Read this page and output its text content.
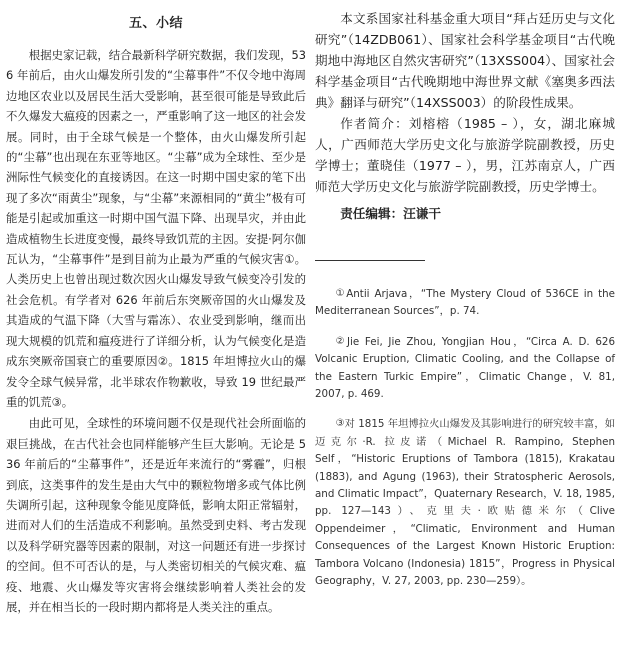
五、小结

根据史家记载，结合最新科学研究数据，我们发现，536 年前后，由火山爆发所引发的“尘幕事件”不仅令地中海周边地区农业以及居民生活大受影响，甚至很可能是导致此后不久爆发大瘟疫的因素之一，严重影响了这一地区的社会发展。同时，由于全球气候是一个整体，由火山爆发所引起的“尘幕”也出现在东亚等地区。“尘幕”成为全球性、至少是洲际性气候变化的直接诱因。在这一时期中国史家的笔下出现了多次“雨黄尘”现象，与“尘幕”来源相同的“黄尘”极有可能是引起或加重这一时期中国气温下降、出现旱灾，并由此造成植物生长进度变慢，最终导致饥荒的主因。安提·阿尔伽瓦认为，“尘幕事件”是到目前为止最为严重的气候灾害①。人类历史上也曾出现过数次因火山爆发导致气候变冷引发的社会危机。有学者对 626 年前后东突厥帝国的火山爆发及其造成的气温下降（大雪与霜冻）、农业受到影响，继而出现大规模的饥荒和瘟疫进行了详细分析，认为气候变化是造成东突厥帝国衰亡的重要原因②。1815 年坦博拉火山的爆发令全球气候异常，北半球农作物歉收，导致 19 世纪最严重的饥荒③。

由此可见，全球性的环境问题不仅是现代社会所面临的艰巨挑战，在古代社会也同样能够产生巨大影响。无论是 536 年前后的“尘幕事件”，还是近年来流行的“雾霾”，归根到底，这类事件的发生是由大气中的颗粒物增多或气体比例失调所引起，这种现象令能见度降低，影响太阳正常辐射，进而对人们的生活造成不利影响。虽然受到史料、考古发现以及科学研究器等因素的限制，对这一问题还有进一步探讨的空间。但不可否认的是，与人类密切相关的气候灾难、瘟疫、地震、火山爆发等灾害将会继续影响着人类社会的发展，并在相当长的一段时期内都将是人类关注的重点。

本文系国家社科基金重大项目“拜占廷历史与文化研究”（14ZDB061）、国家社会科学基金项目“古代晚期地中海地区自然灾害研究”（13XSS004）、国家社会科学基金项目“古代晚期地中海世界文献《塞奥多西法典》翻译与研究”（14XSS003）的阶段性成果。

作者简介：刘榕榕（1985 – ），女，湖北麻城人，广西师范大学历史文化与旅游学院副教授，历史学博士；董晓佳（1977 – ），男，江苏南京人，广西师范大学历史文化与旅游学院副教授，历史学博士。

责任编辑：汪谦干

①Antii Arjava，“The Mystery Cloud of 536CE in the Mediterranean Sources”，p. 74.

②Jie Fei, Jie Zhou, Yongjian Hou，“Circa A. D. 626 Volcanic Eruption, Climatic Cooling, and the Collapse of the Eastern Turkic Empire”，Climatic Change，V. 81, 2007, p. 469.

③对 1815 年坦博拉火山爆发及其影响进行的研究较丰富，如迈克尔·R. 拉皮诺（Michael R. Rampino, Stephen Self，“Historic Eruptions of Tambora (1815), Krakatau (1883), and Agung (1963), their Stratospheric Aerosols, and Climatic Impact”，Quaternary Research，V. 18, 1985, pp. 127—143）、克里夫·欧贴德米尔（Clive Oppendeimer，“Climatic, Environment and Human Consequences of the Largest Known Historic Eruption: Tambora Volcano (Indonesia) 1815”，Progress in Physical Geography，V. 27, 2003, pp. 230—259）。
